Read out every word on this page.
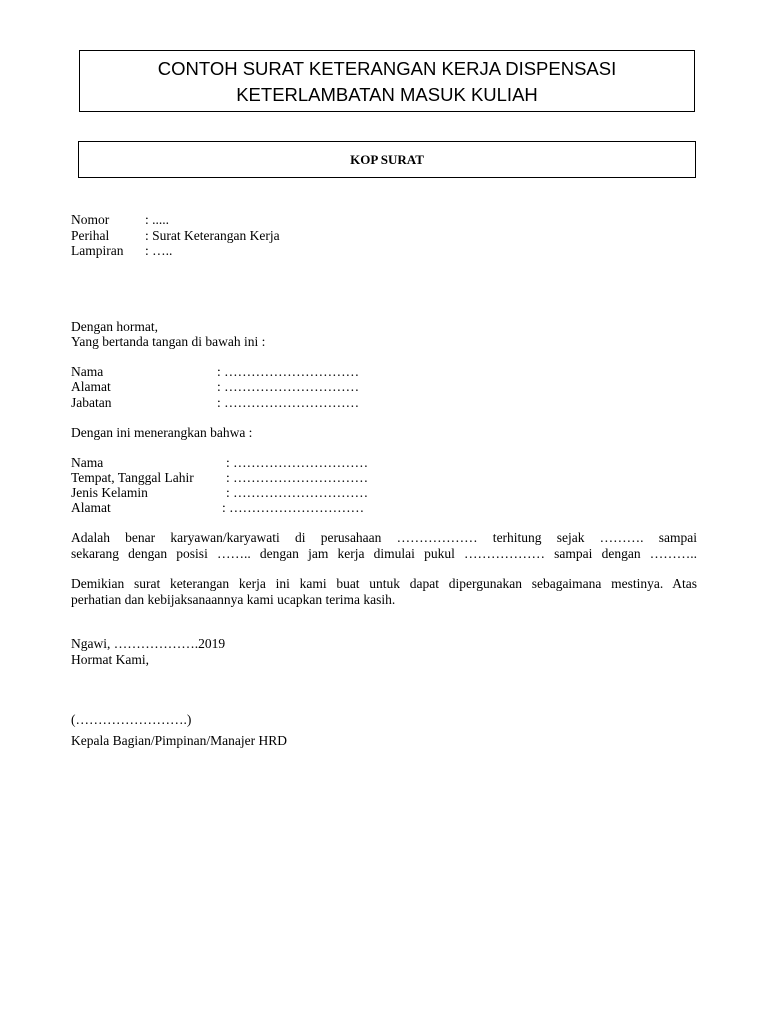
CONTOH SURAT KETERANGAN KERJA DISPENSASI
KETERLAMBATAN MASUK KULIAH
KOP SURAT
Nomor	: .....
Perihal	: Surat Keterangan Kerja
Lampiran : …..
Dengan hormat,
Yang bertanda tangan di bawah ini :
Nama	: …………………………
Alamat	: …………………………
Jabatan	: …………………………
Dengan ini menerangkan bahwa :
Nama	: …………………………
Tempat, Tanggal Lahir : …………………………
Jenis Kelamin	: …………………………
Alamat	: …………………………
Adalah benar karyawan/karyawati di perusahaan ……………… terhitung sejak ………. sampai
sekarang dengan posisi …….. dengan jam kerja dimulai pukul ……………… sampai dengan ………..
Demikian surat keterangan kerja ini kami buat untuk dapat dipergunakan sebagaimana mestinya. Atas
perhatian dan kebijaksanaannya kami ucapkan terima kasih.
Ngawi, ……………….2019
Hormat Kami,
(…………………….)
Kepala Bagian/Pimpinan/Manajer HRD
